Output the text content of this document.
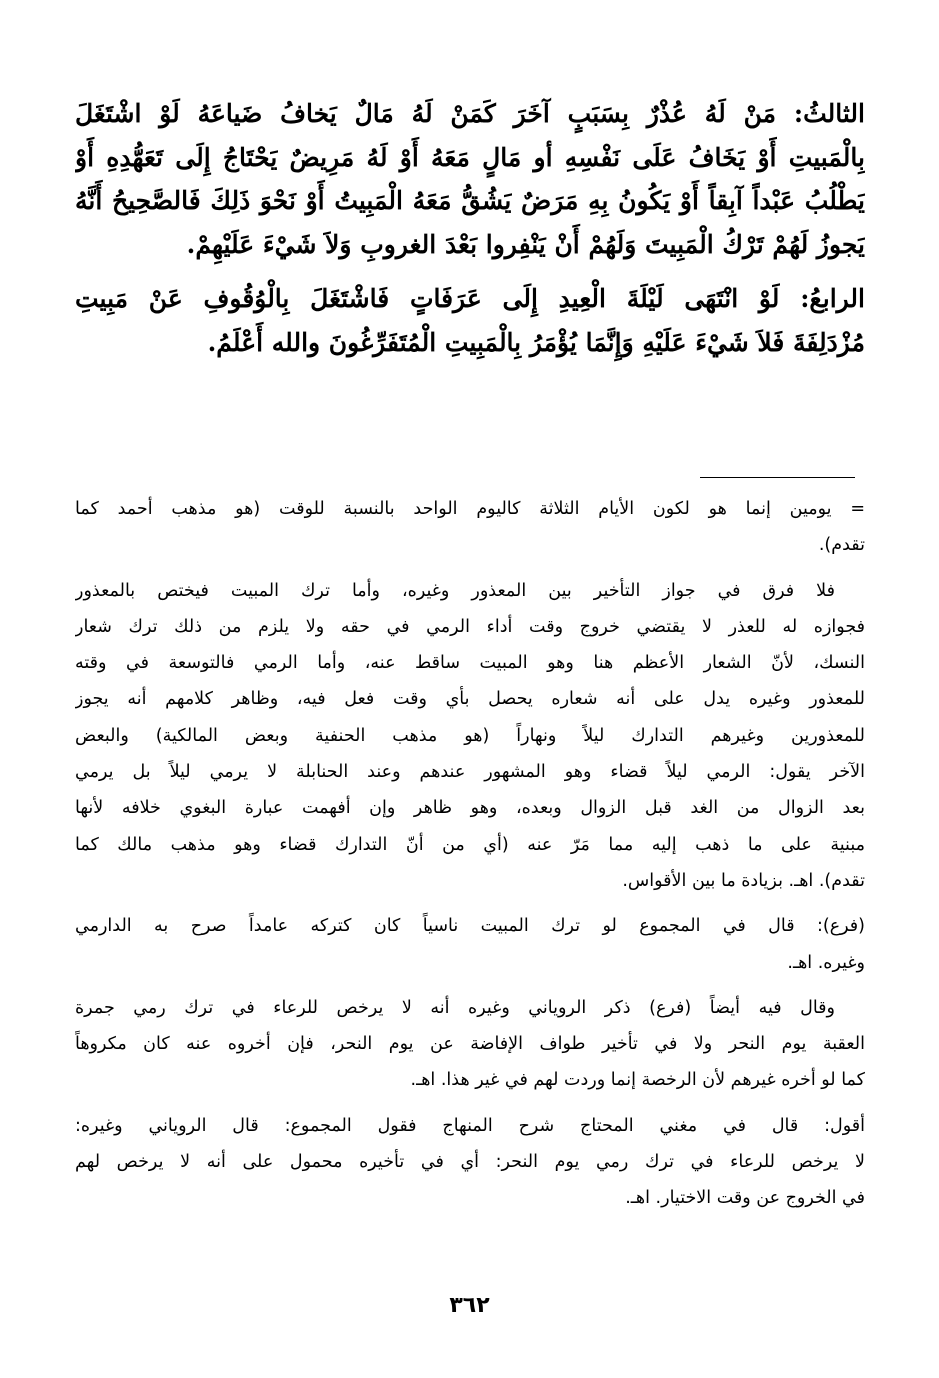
الثالثُ: مَنْ لَهُ عُذْرٌ بِسَبَبٍ آخَرَ كَمَنْ لَهُ مَالٌ يَخافُ ضَياعَهُ لَوْ اشْتَغَلَ
بِالْمَبيتِ أَوْ يَخَافُ عَلَى نَفْسِهِ أو مَالٍ مَعَهُ أَوْ لَهُ مَرِيضٌ يَحْتَاجُ إِلَى تَعَهُّدِهِ أَوْ
يَطْلُبُ عَبْداً آبِقاً أَوْ يَكُونُ بِهِ مَرَضٌ يَشُقُّ مَعَهُ الْمَبِيتُ أَوْ نَحْوَ ذَلِكَ فَالصَّحِيحُ أَنَّهُ
يَجوزُ لَهُمْ تَرْكُ الْمَبِيتَ وَلَهُمْ أَنْ يَنْفِروا بَعْدَ الغروبِ وَلاَ شَيْءَ عَلَيْهِمْ.
الرابعُ: لَوْ انْتَهَى لَيْلَةَ الْعِيدِ إِلَى عَرَفَاتٍ فَاشْتَغَلَ بِالْوُقُوفِ عَنْ مَبِيتِ
مُزْدَلِفَةَ فَلاَ شَيْءَ عَلَيْهِ وَإِنَّمَا يُؤْمَرُ بِالْمَبِيتِ الْمُتَفَرِّغُونَ والله أَعْلَمُ.
= يومين إنما هو لكون الأيام الثلاثة كاليوم الواحد بالنسبة للوقت (هو مذهب أحمد كما
تقدم).
فلا فرق في جواز التأخير بين المعذور وغيره، وأما ترك المبيت فيختص بالمعذور
فجوازه له للعذر لا يقتضي خروج وقت أداء الرمي في حقه ولا يلزم من ذلك ترك شعار
النسك، لأنّ الشعار الأعظم هنا وهو المبيت ساقط عنه، وأما الرمي فالتوسعة في وقته
للمعذور وغيره يدل على أنه شعاره يحصل بأي وقت فعل فيه، وظاهر كلامهم أنه يجوز
للمعذورين وغيرهم التدارك ليلاً ونهاراً (هو مذهب الحنفية وبعض المالكية) والبعض
الآخر يقول: الرمي ليلاً قضاء وهو المشهور عندهم وعند الحنابلة لا يرمي ليلاً بل يرمي
بعد الزوال من الغد قبل الزوال وبعده، وهو ظاهر وإن أفهمت عبارة البغوي خلافه لأنها
مبنية على ما ذهب إليه مما مَرّ عنه (أي من أنّ التدارك قضاء وهو مذهب مالك كما
تقدم). اهـ. بزيادة ما بين الأقواس.
(فرع): قال في المجموع لو ترك المبيت ناسياً كان كتركه عامداً صرح به الدارمي
وغيره. اهـ.
وقال فيه أيضاً (فرع) ذكر الروياني وغيره أنه لا يرخص للرعاء في ترك رمي جمرة
العقبة يوم النحر ولا في تأخير طواف الإفاضة عن يوم النحر، فإن أخروه عنه كان مكروهاً
كما لو أخره غيرهم لأن الرخصة إنما وردت لهم في غير هذا. اهـ.
أقول: قال في مغني المحتاج شرح المنهاج فقول المجموع: قال الروياني وغيره:
لا يرخص للرعاء في ترك رمي يوم النحر: أي في تأخيره محمول على أنه لا يرخص لهم
في الخروج عن وقت الاختيار. اهـ.
٣٦٢
